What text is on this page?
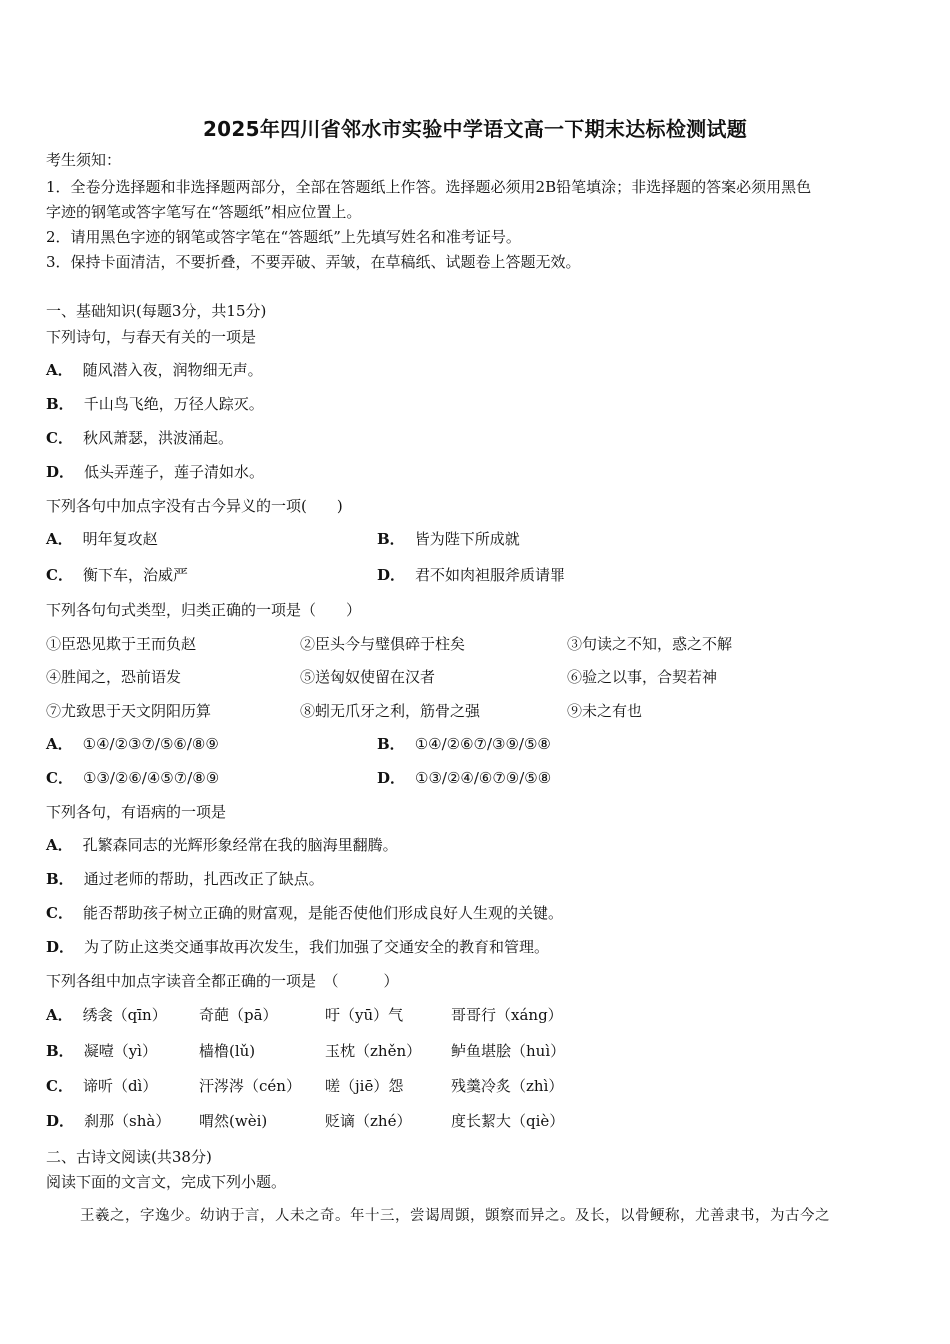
2025年四川省邻水市实验中学语文高一下期末达标检测试题
考生须知：
1．全卷分选择题和非选择题两部分，全部在答题纸上作答。选择题必须用2B铅笔填涂；非选择题的答案必须用黑色
字迹的钢笔或答字笔写在“答题纸”相应位置上。
2．请用黑色字迹的钢笔或答字笔在“答题纸”上先填写姓名和准考证号。
3．保持卡面清洁，不要折叠，不要弄破、弄皱，在草稿纸、试题卷上答题无效。
一、基础知识(每题3分，共15分)
下列诗句，与春天有关的一项是
A． 随风潜入夜，润物细无声。
B． 千山鸟飞绝，万径人踪灭。
C． 秋风萧瑟，洪波涌起。
D． 低头弄莲子，莲子清如水。
下列各句中加点字没有古今异义的一项(　　)
A． 明年复攻赵	B． 皆为陛下所成就
C． 衡下车，治威严	D． 君不如肉袒服斧质请罪
下列各句句式类型，归类正确的一项是（　　）
①臣恐见欺于王而负赵	②臣头今与璧俱碎于柱矣	③句读之不知，惑之不解
④胜闻之，恐前语发	⑤送匈奴使留在汉者	⑥验之以事，合契若神
⑦尤致思于天文阴阳历算	⑧蚓无爪牙之利，筋骨之强	⑨未之有也
A． ①④/②③⑦/⑤⑥/⑧⑨	B． ①④/②⑥⑦/③⑨/⑤⑧
C． ①③/②⑥/④⑤⑦/⑧⑨	D． ①③/②④/⑥⑦⑨/⑤⑧
下列各句，有语病的一项是
A． 孔繁森同志的光辉形象经常在我的脑海里翻腾。
B． 通过老师的帮助，扎西改正了缺点。
C． 能否帮助孩子树立正确的财富观，是能否使他们形成良好人生观的关键。
D． 为了防止这类交通事故再次发生，我们加强了交通安全的教育和管理。
下列各组中加点字读音全都正确的一项是　（　　　）
A． 绣衾（qīn） 奇葩（pā）	吁（yū）气	哥哥行（xáng）
B． 凝噎（yì）	樯橹(lǔ)	玉枕（zhěn） 鲈鱼堪脍（huì）
C． 谛听（dì）	汗涔涔（cén） 嗟（jiē）怨	残羹冷炙（zhì）
D． 刹那（shà） 喟然(wèi)	贬谪（zhé）	度长絜大（qiè）
二、古诗文阅读(共38分)
阅读下面的文言文，完成下列小题。
王羲之，字逸少。幼讷于言，人未之奇。年十三，尝谒周顗，顗察而异之。及长，以骨鲠称，尤善隶书，为古今之
